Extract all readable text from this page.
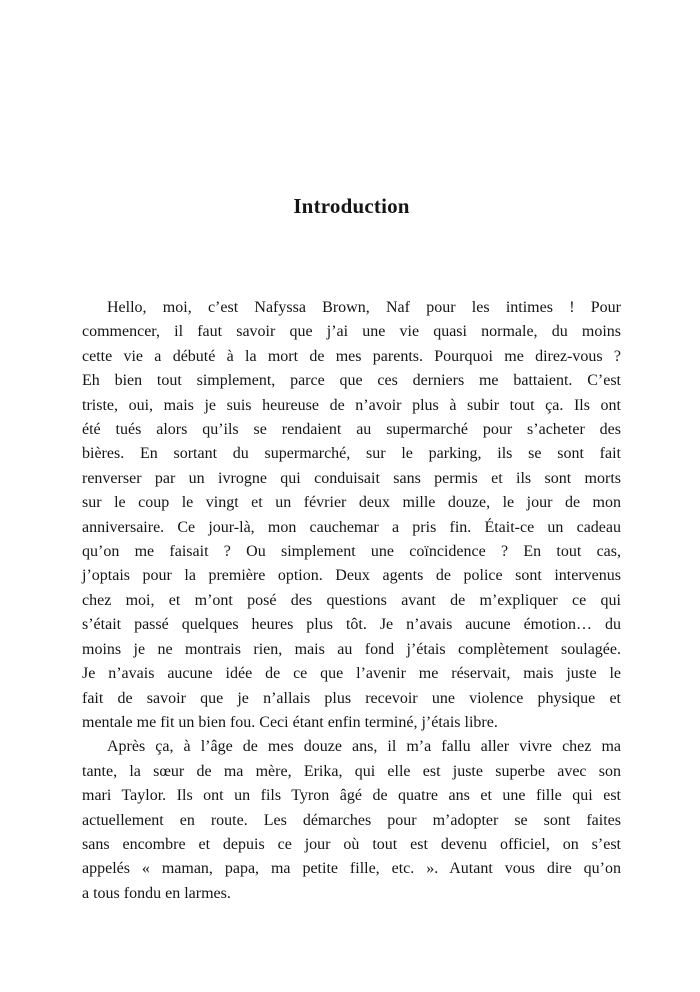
Introduction
Hello, moi, c’est Nafyssa Brown, Naf pour les intimes ! Pour
commencer, il faut savoir que j’ai une vie quasi normale, du moins
cette vie a débuté à la mort de mes parents. Pourquoi me direz-vous ?
Eh bien tout simplement, parce que ces derniers me battaient. C’est
triste, oui, mais je suis heureuse de n’avoir plus à subir tout ça. Ils ont
été tués alors qu’ils se rendaient au supermarché pour s’acheter des
bières. En sortant du supermarché, sur le parking, ils se sont fait
renverser par un ivrogne qui conduisait sans permis et ils sont morts
sur le coup le vingt et un février deux mille douze, le jour de mon
anniversaire. Ce jour-là, mon cauchemar a pris fin. Était-ce un cadeau
qu’on me faisait ? Ou simplement une coïncidence ? En tout cas,
j’optais pour la première option. Deux agents de police sont intervenus
chez moi, et m’ont posé des questions avant de m’expliquer ce qui
s’était passé quelques heures plus tôt. Je n’avais aucune émotion… du
moins je ne montrais rien, mais au fond j’étais complètement soulagée.
Je n’avais aucune idée de ce que l’avenir me réservait, mais juste le
fait de savoir que je n’allais plus recevoir une violence physique et
mentale me fit un bien fou. Ceci étant enfin terminé, j’étais libre.
Après ça, à l’âge de mes douze ans, il m’a fallu aller vivre chez ma
tante, la sœur de ma mère, Erika, qui elle est juste superbe avec son
mari Taylor. Ils ont un fils Tyron âgé de quatre ans et une fille qui est
actuellement en route. Les démarches pour m’adopter se sont faites
sans encombre et depuis ce jour où tout est devenu officiel, on s’est
appelés « maman, papa, ma petite fille, etc. ». Autant vous dire qu’on
a tous fondu en larmes.
